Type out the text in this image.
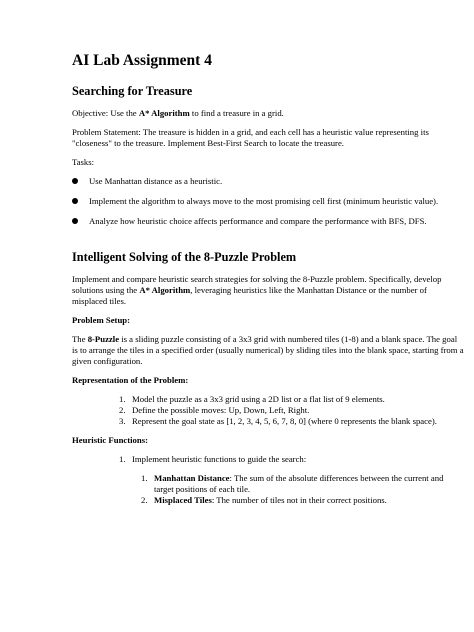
AI Lab Assignment 4
Searching for Treasure

Objective: Use the A* Algorithm to find a treasure in a grid.

Problem Statement: The treasure is hidden in a grid, and each cell has a heuristic value representing its "closeness" to the treasure. Implement Best-First Search to locate the treasure.

Tasks:

Use Manhattan distance as a heuristic.
Implement the algorithm to always move to the most promising cell first (minimum heuristic value).
Analyze how heuristic choice affects performance and compare the performance with BFS, DFS.
Intelligent Solving of the 8-Puzzle Problem

Implement and compare heuristic search strategies for solving the 8-Puzzle problem. Specifically, develop solutions using the A* Algorithm, leveraging heuristics like the Manhattan Distance or the number of misplaced tiles.

Problem Setup:

The 8-Puzzle is a sliding puzzle consisting of a 3x3 grid with numbered tiles (1-8) and a blank space. The goal is to arrange the tiles in a specified order (usually numerical) by sliding tiles into the blank space, starting from a given configuration.

Representation of the Problem:

1. Model the puzzle as a 3x3 grid using a 2D list or a flat list of 9 elements.
2. Define the possible moves: Up, Down, Left, Right.
3. Represent the goal state as [1, 2, 3, 4, 5, 6, 7, 8, 0] (where 0 represents the blank space).

Heuristic Functions:

1. Implement heuristic functions to guide the search:
1. Manhattan Distance: The sum of the absolute differences between the current and target positions of each tile.
2. Misplaced Tiles: The number of tiles not in their correct positions.
